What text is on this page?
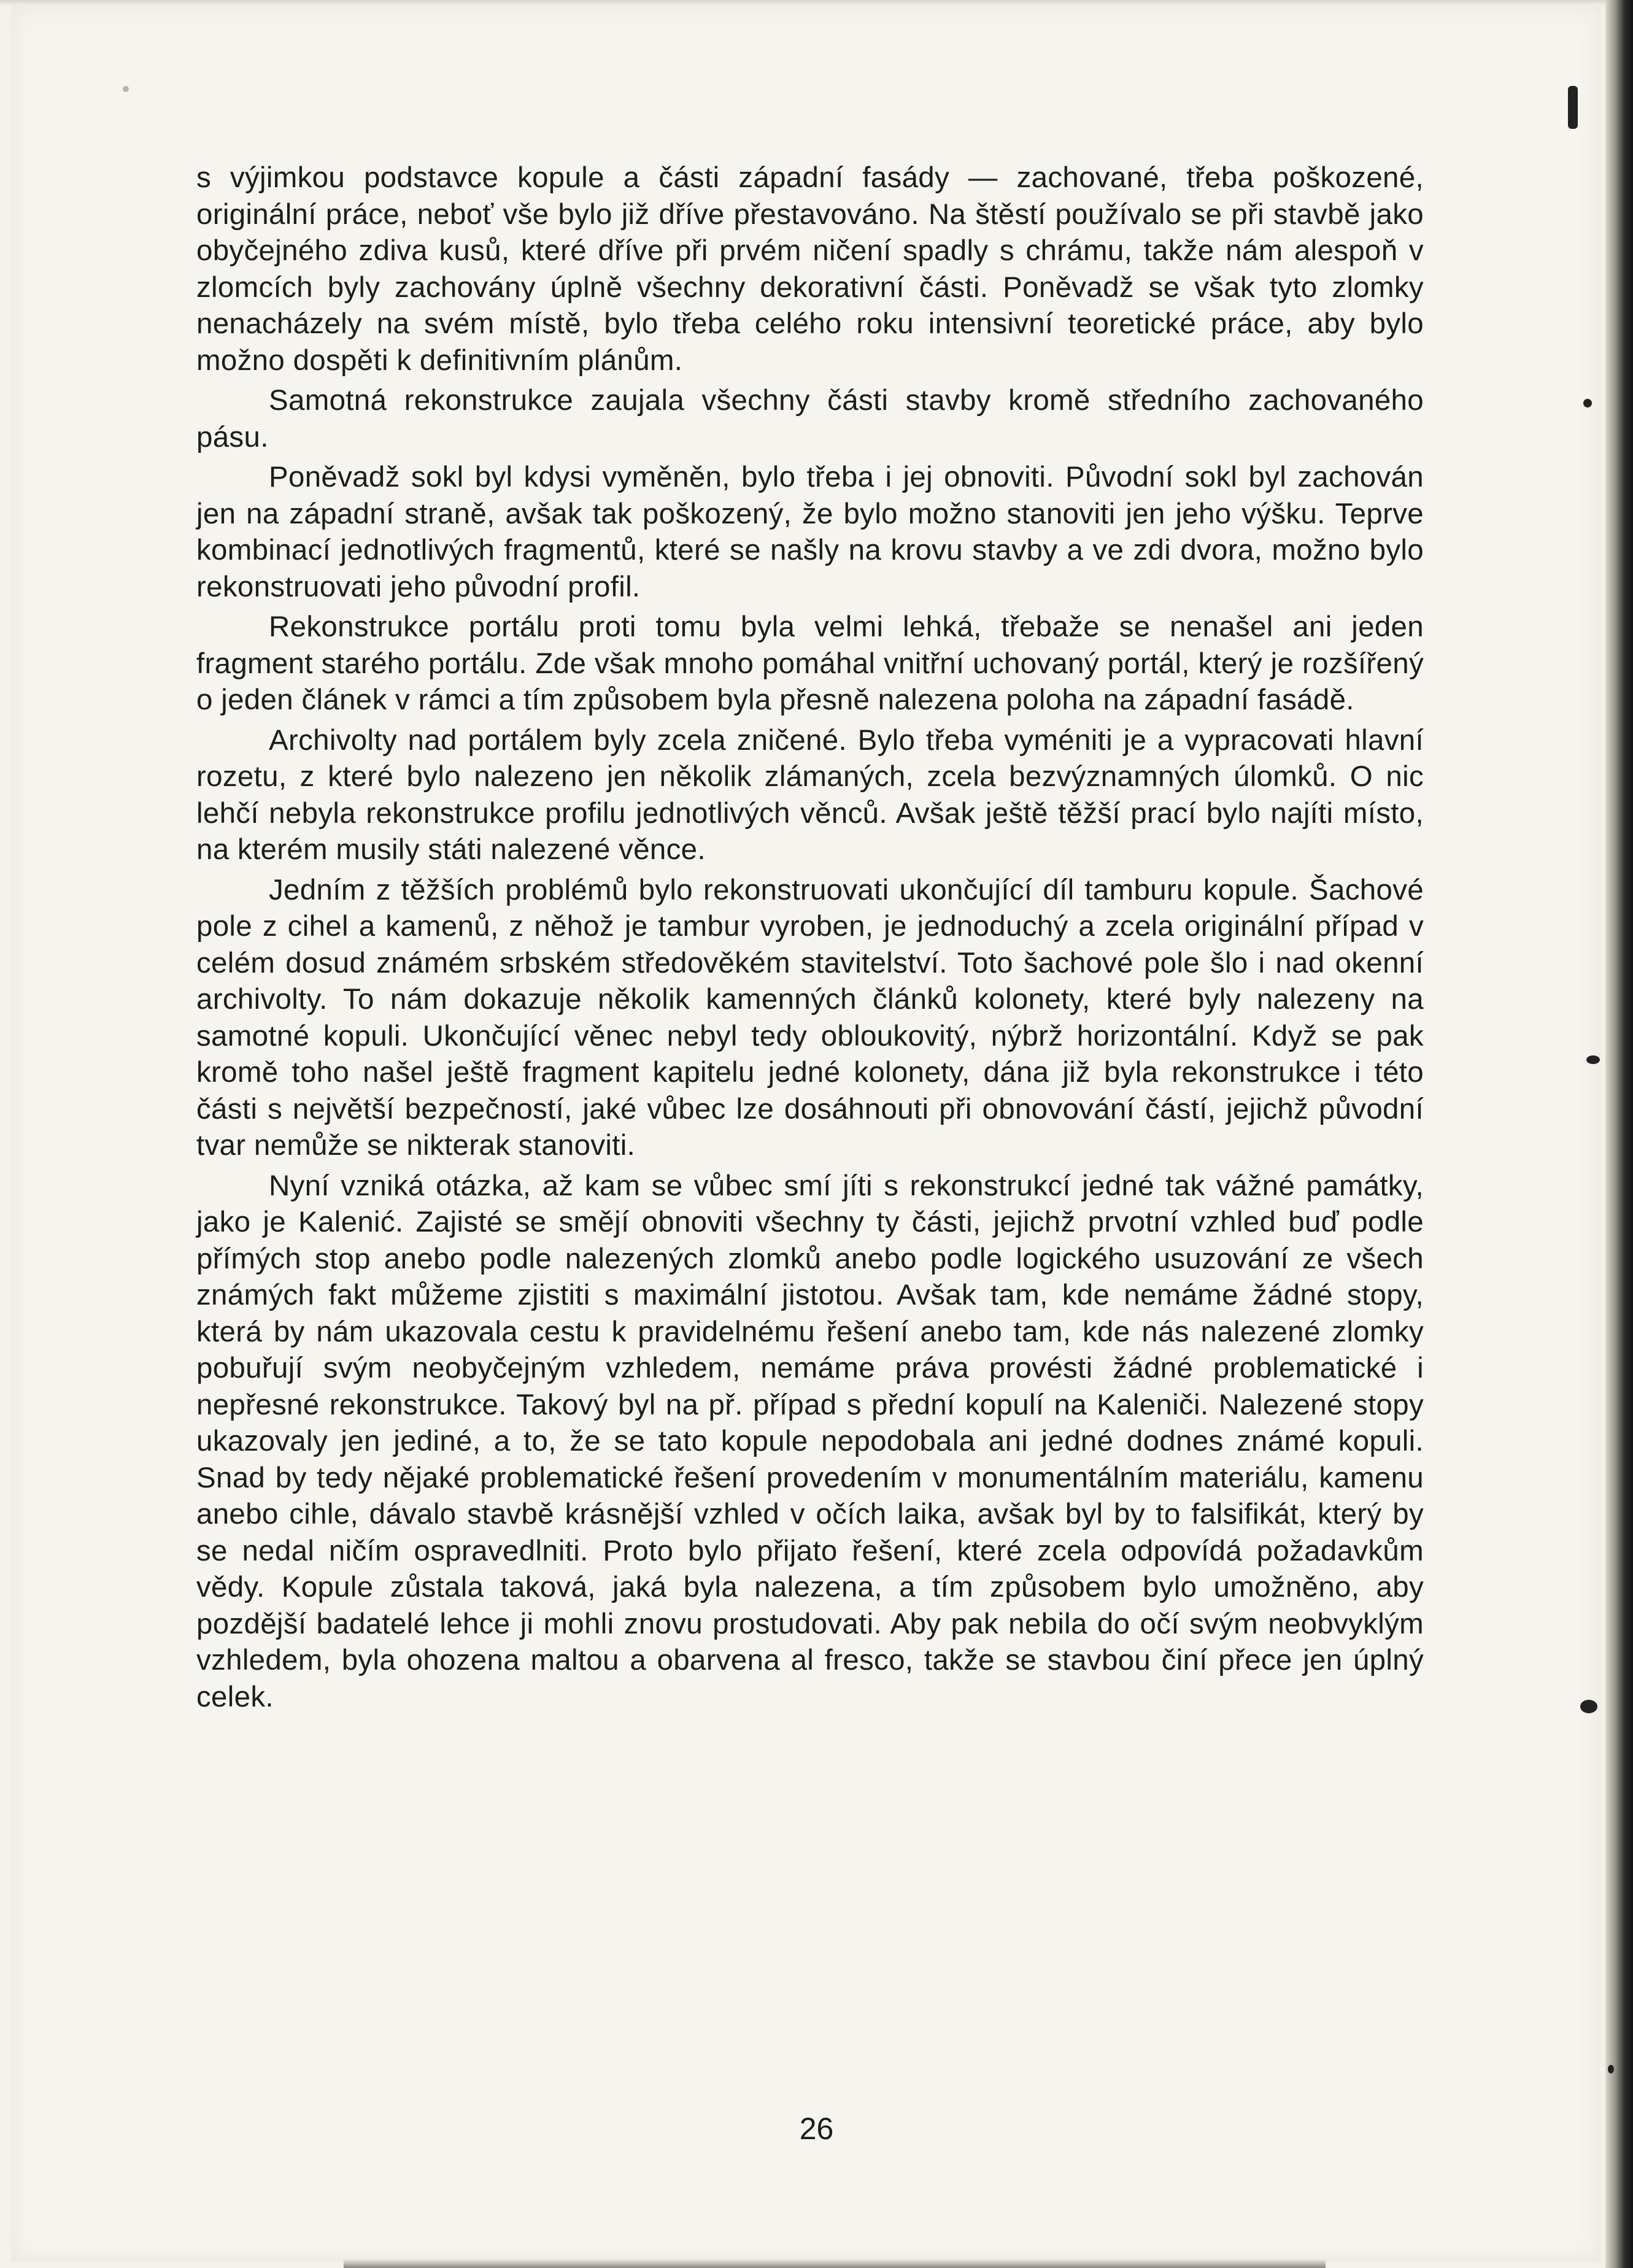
s výjimkou podstavce kopule a části západní fasády — zachované, třeba poškozené, originální práce, neboť vše bylo již dříve přestavováno. Na štěstí používalo se při stavbě jako obyčejného zdiva kusů, které dříve při prvém ničení spadly s chrámu, takže nám alespoň v zlomcích byly zachovány úplně všechny dekorativní části. Poněvadž se však tyto zlomky nenacházely na svém místě, bylo třeba celého roku intensivní teoretické práce, aby bylo možno dospěti k definitivním plánům.

Samotná rekonstrukce zaujala všechny části stavby kromě středního zachovaného pásu.

Poněvadž sokl byl kdysi vyměněn, bylo třeba i jej obnoviti. Původní sokl byl zachován jen na západní straně, avšak tak poškozený, že bylo možno stanoviti jen jeho výšku. Teprve kombinací jednotlivých fragmentů, které se našly na krovu stavby a ve zdi dvora, možno bylo rekonstruovati jeho původní profil.

Rekonstrukce portálu proti tomu byla velmi lehká, třebaže se nenašel ani jeden fragment starého portálu. Zde však mnoho pomáhal vnitřní uchovaný portál, který je rozšířený o jeden článek v rámci a tím způsobem byla přesně nalezena poloha na západní fasádě.

Archivolty nad portálem byly zcela zničené. Bylo třeba vyméniti je a vypracovati hlavní rozetu, z které bylo nalezeno jen několik zlámaných, zcela bezvýznamných úlomků. O nic lehčí nebyla rekonstrukce profilu jednotlivých věnců. Avšak ještě těžší prací bylo najíti místo, na kterém musily státi nalezené věnce.

Jedním z těžších problémů bylo rekonstruovati ukončující díl tamburu kopule. Šachové pole z cihel a kamenů, z něhož je tambur vyroben, je jednoduchý a zcela originální případ v celém dosud známém srbském středověkém stavitelství. Toto šachové pole šlo i nad okenní archivolty. To nám dokazuje několik kamenných článků kolonety, které byly nalezeny na samotné kopuli. Ukončující věnec nebyl tedy obloukovitý, nýbrž horizontální. Když se pak kromě toho našel ještě fragment kapitelu jedné kolonety, dána již byla rekonstrukce i této části s největší bezpečností, jaké vůbec lze dosáhnouti při obnovování částí, jejichž původní tvar nemůže se nikterak stanoviti.

Nyní vzniká otázka, až kam se vůbec smí jíti s rekonstrukcí jedné tak vážné památky, jako je Kalenić. Zajisté se smějí obnoviti všechny ty části, jejichž prvotní vzhled buď podle přímých stop anebo podle nalezených zlomků anebo podle logického usuzování ze všech známých fakt můžeme zjistiti s maximální jistotou. Avšak tam, kde nemáme žádné stopy, která by nám ukazovala cestu k pravidelnému řešení anebo tam, kde nás nalezené zlomky pobuřují svým neobyčejným vzhledem, nemáme práva provésti žádné problematické i nepřesné rekonstrukce. Takový byl na př. případ s přední kopulí na Kaleniči. Nalezené stopy ukazovaly jen jediné, a to, že se tato kopule nepodobala ani jedné dodnes známé kopuli. Snad by tedy nějaké problematické řešení provedením v monumentálním materiálu, kamenu anebo cihle, dávalo stavbě krásnější vzhled v očích laika, avšak byl by to falsifikát, který by se nedal ničím ospravedlniti. Proto bylo přijato řešení, které zcela odpovídá požadavkům vědy. Kopule zůstala taková, jaká byla nalezena, a tím způsobem bylo umožněno, aby pozdější badatelé lehce ji mohli znovu prostudovati. Aby pak nebila do očí svým neobvyklým vzhledem, byla ohozena maltou a obarvena al fresco, takže se stavbou činí přece jen úplný celek.

26
